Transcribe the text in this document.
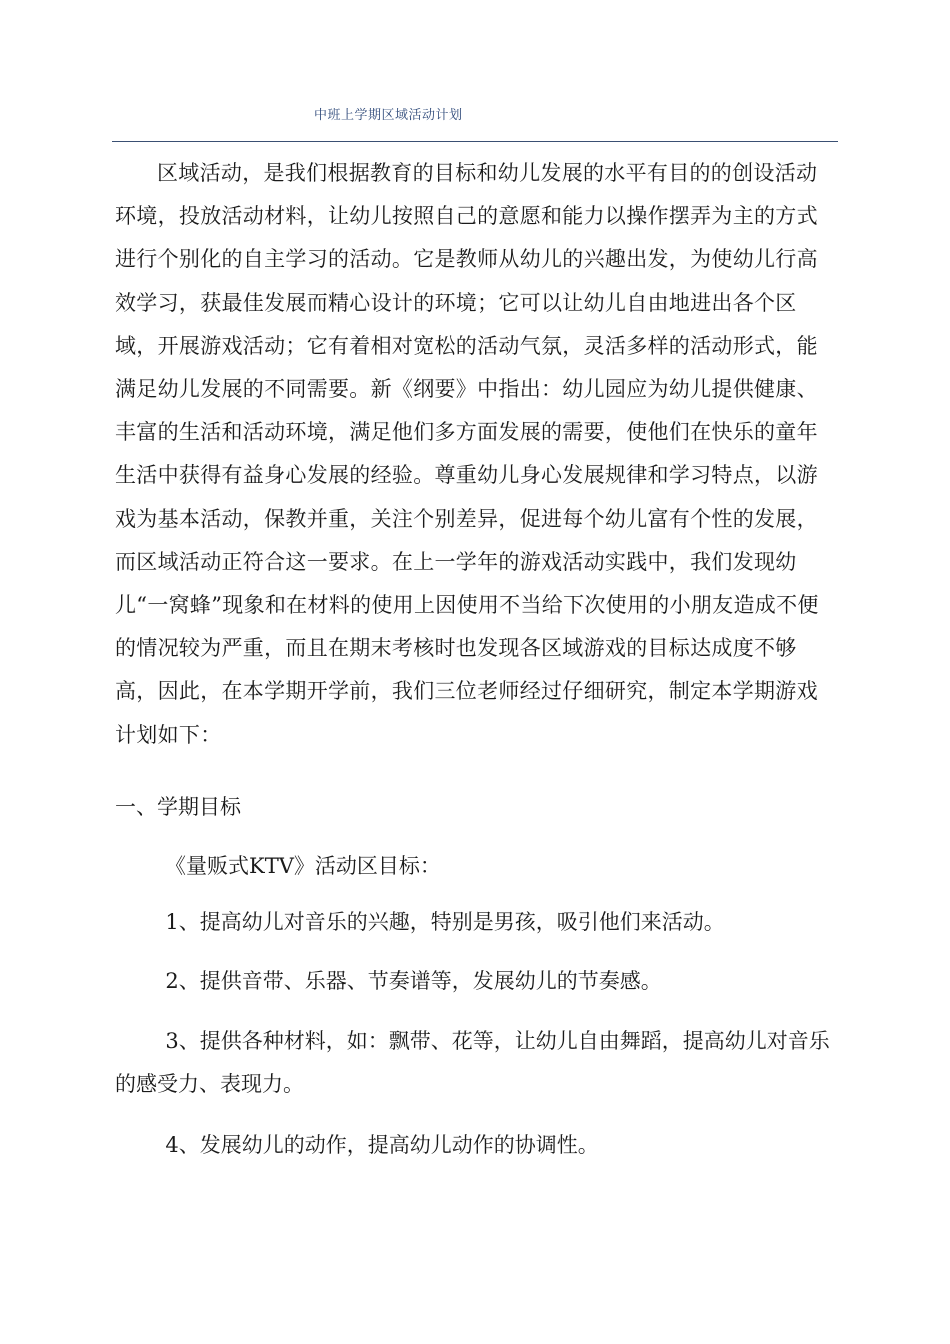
中班上学期区域活动计划

区域活动，是我们根据教育的目标和幼儿发展的水平有目的的创设活动环境，投放活动材料，让幼儿按照自己的意愿和能力以操作摆弄为主的方式进行个别化的自主学习的活动。它是教师从幼儿的兴趣出发，为使幼儿行高效学习，获最佳发展而精心设计的环境；它可以让幼儿自由地进出各个区域，开展游戏活动；它有着相对宽松的活动气氛，灵活多样的活动形式，能满足幼儿发展的不同需要。新《纲要》中指出：幼儿园应为幼儿提供健康、丰富的生活和活动环境，满足他们多方面发展的需要，使他们在快乐的童年生活中获得有益身心发展的经验。尊重幼儿身心发展规律和学习特点，以游戏为基本活动，保教并重，关注个别差异，促进每个幼儿富有个性的发展，而区域活动正符合这一要求。在上一学年的游戏活动实践中，我们发现幼儿“一窝蜂”现象和在材料的使用上因使用不当给下次使用的小朋友造成不便的情况较为严重，而且在期末考核时也发现各区域游戏的目标达成度不够高，因此，在本学期开学前，我们三位老师经过仔细研究，制定本学期游戏计划如下：

一、学期目标

《量贩式KTV》活动区目标：

1、提高幼儿对音乐的兴趣，特别是男孩，吸引他们来活动。

2、提供音带、乐器、节奏谱等，发展幼儿的节奏感。

3、提供各种材料，如：飘带、花等，让幼儿自由舞蹈，提高幼儿对音乐的感受力、表现力。

4、发展幼儿的动作，提高幼儿动作的协调性。
